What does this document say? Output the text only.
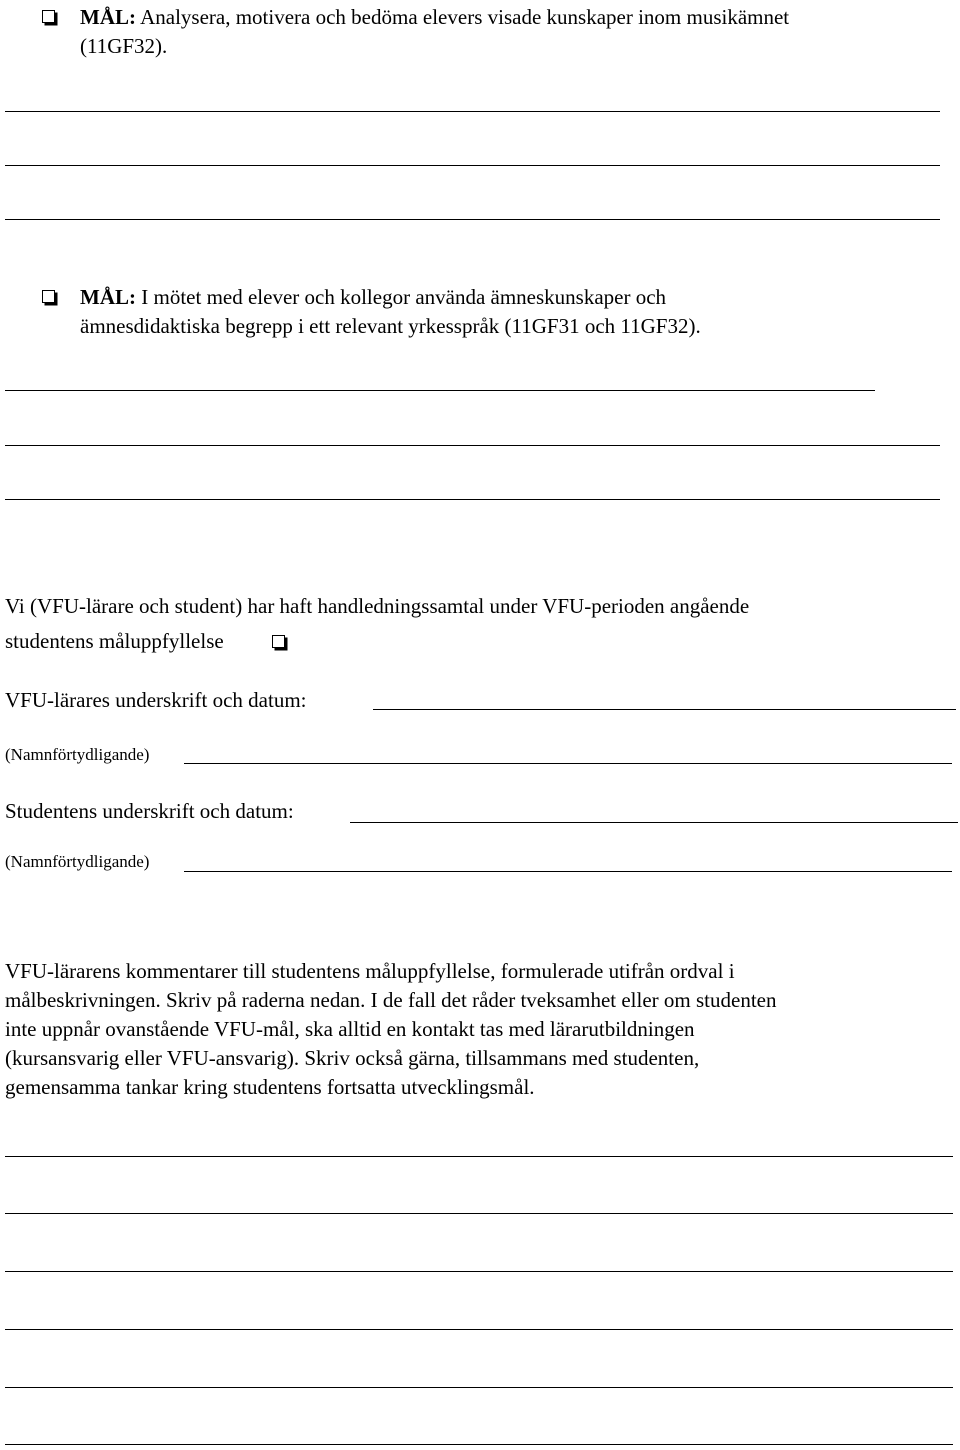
MÅL: Analysera, motivera och bedöma elevers visade kunskaper inom musikämnet
(11GF32).
MÅL: I mötet med elever och kollegor använda ämneskunskaper och
ämnesdidaktiska begrepp i ett relevant yrkesspråk (11GF31 och 11GF32).
Vi (VFU-lärare och student) har haft handledningssamtal under VFU-perioden angående
studentens måluppfyllelse
VFU-lärares underskrift och datum:
(Namnförtydligande)
Studentens underskrift och datum:
(Namnförtydligande)
VFU-lärarens kommentarer till studentens måluppfyllelse, formulerade utifrån ordval i
målbeskrivningen. Skriv på raderna nedan. I de fall det råder tveksamhet eller om studenten
inte uppnår ovanstående VFU-mål, ska alltid en kontakt tas med lärarutbildningen
(kursansvarig eller VFU-ansvarig). Skriv också gärna, tillsammans med studenten,
gemensamma tankar kring studentens fortsatta utvecklingsmål.
